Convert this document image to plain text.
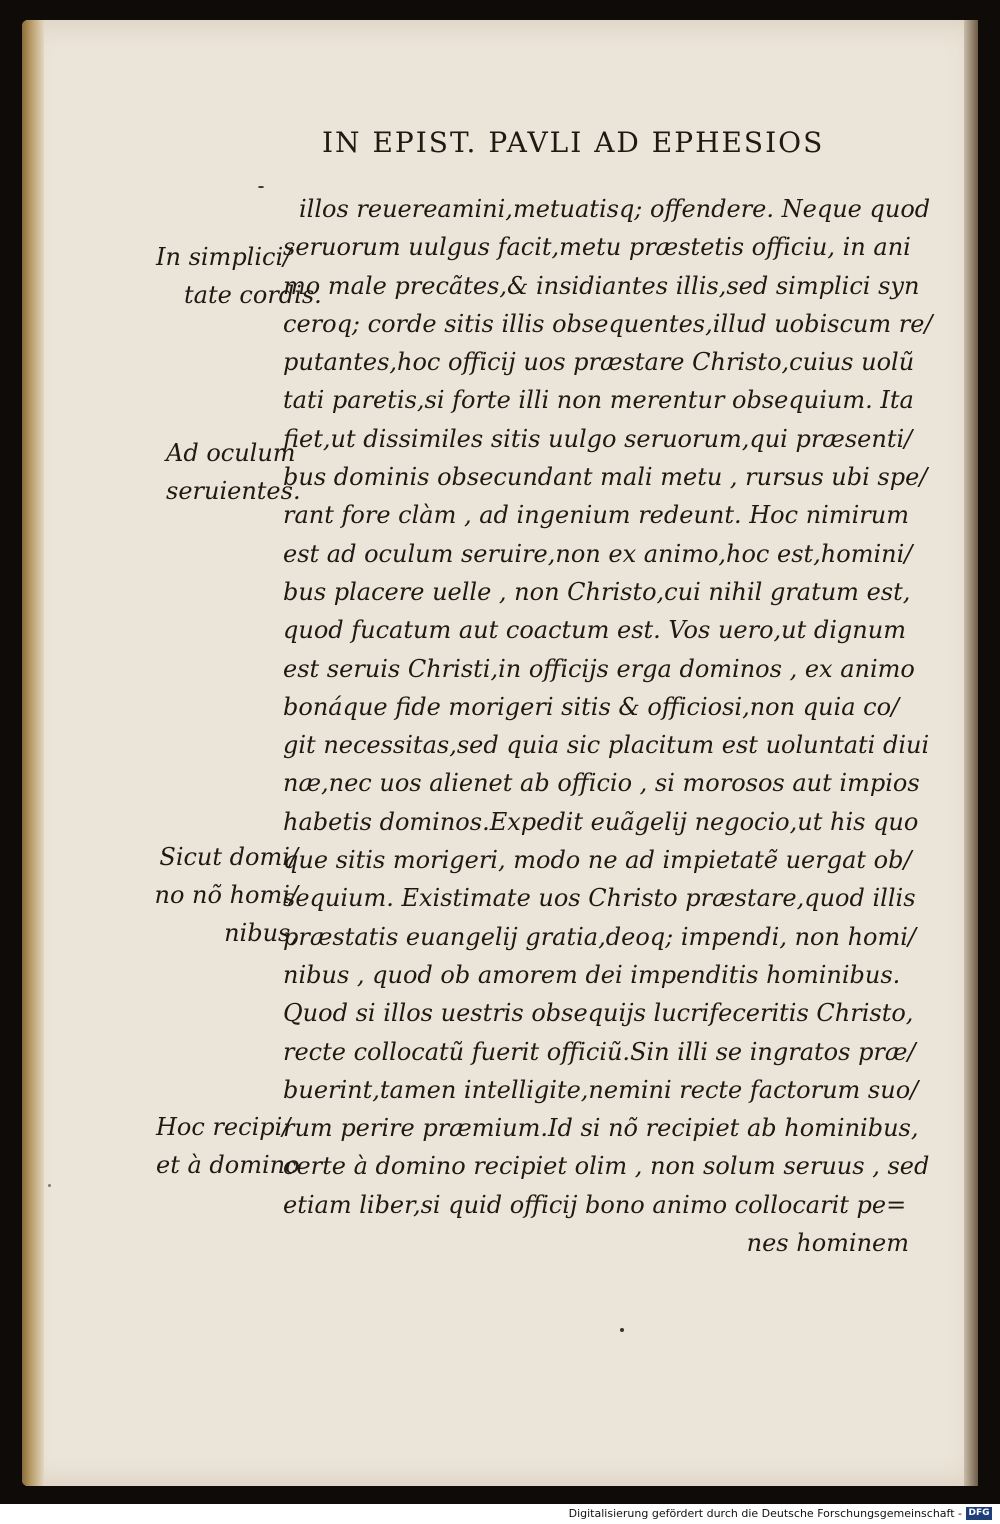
IN EPIST. PAVLI AD EPHESIOS
In simplici/
tate cordis.
Ad oculum
seruientes.
Sicut domi/
no nõ homi/
nibus,
Hoc recipi/
et à domino
illos reuereamini,metuatisq; offendere. Neque quod
seruorum uulgus facit,metu præstetis officiu, in ani
mo male precãtes,& insidiantes illis,sed simplici syn
ceroq; corde sitis illis obsequentes,illud uobiscum re/
putantes,hoc officij uos præstare Christo,cuius uolũ
tati paretis,si forte illi non merentur obsequium. Ita
fiet,ut dissimiles sitis uulgo seruorum,qui præsenti/
bus dominis obsecundant mali metu , rursus ubi spe/
rant fore clàm , ad ingenium redeunt. Hoc nimirum
est ad oculum seruire,non ex animo,hoc est,homini/
bus placere uelle , non Christo,cui nihil gratum est,
quod fucatum aut coactum est. Vos uero,ut dignum
est seruis Christi,in officijs erga dominos , ex animo
bonáque fide morigeri sitis & officiosi,non quia co/
git necessitas,sed quia sic placitum est uoluntati diui
næ,nec uos alienet ab officio , si morosos aut impios
habetis dominos.Expedit euãgelij negocio,ut his quo
que sitis morigeri, modo ne ad impietatẽ uergat ob/
sequium. Existimate uos Christo præstare,quod illis
præstatis euangelij gratia,deoq; impendi, non homi/
nibus , quod ob amorem dei impenditis hominibus.
Quod si illos uestris obsequijs lucrifeceritis Christo,
recte collocatũ fuerit officiũ.Sin illi se ingratos præ/
buerint,tamen intelligite,nemini recte factorum suo/
rum perire præmium.Id si nõ recipiet ab hominibus,
certe à domino recipiet olim , non solum seruus , sed
etiam liber,si quid officij bono animo collocarit pe=
nes hominem
Digitalisierung gefördert durch die Deutsche Forschungsgemeinschaft - DFG
